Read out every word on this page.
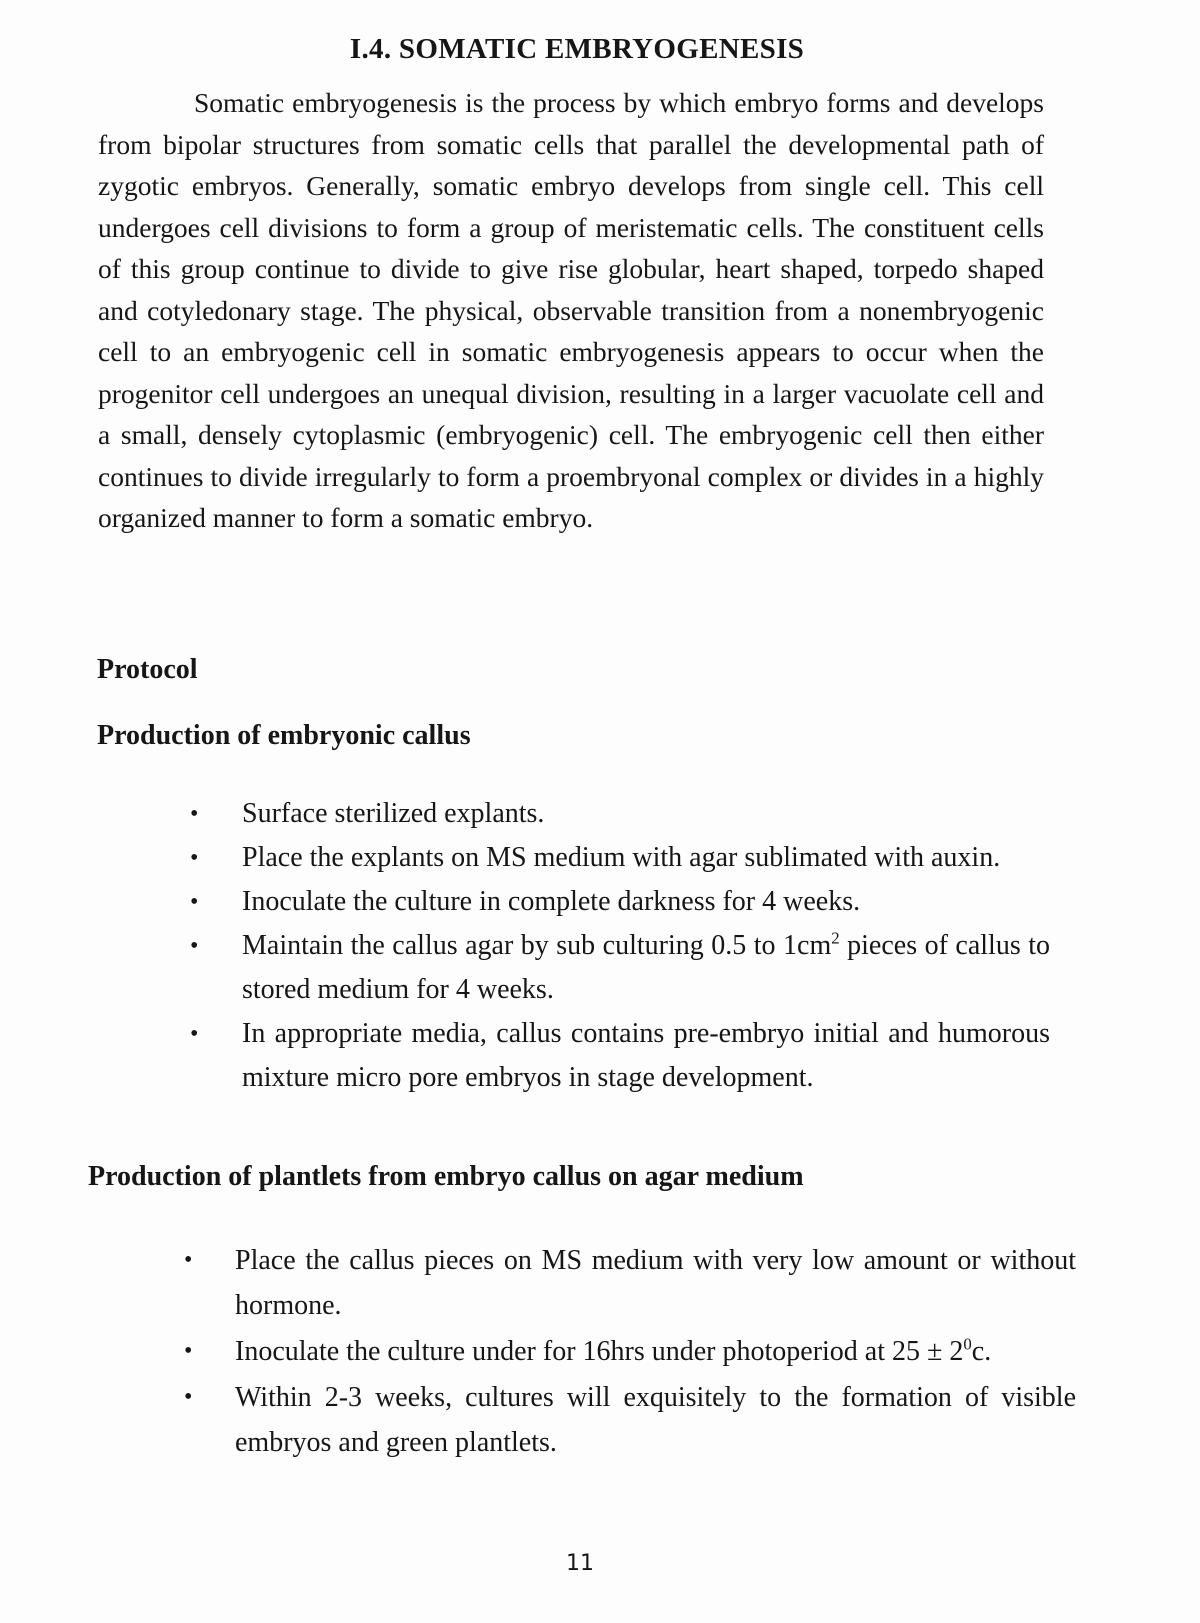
I.4. SOMATIC EMBRYOGENESIS

Somatic embryogenesis is the process by which embryo forms and develops from bipolar structures from somatic cells that parallel the developmental path of zygotic embryos. Generally, somatic embryo develops from single cell. This cell undergoes cell divisions to form a group of meristematic cells. The constituent cells of this group continue to divide to give rise globular, heart shaped, torpedo shaped and cotyledonary stage. The physical, observable transition from a nonembryogenic cell to an embryogenic cell in somatic embryogenesis appears to occur when the progenitor cell undergoes an unequal division, resulting in a larger vacuolate cell and a small, densely cytoplasmic (embryogenic) cell. The embryogenic cell then either continues to divide irregularly to form a proembryonal complex or divides in a highly organized manner to form a somatic embryo.

Protocol
Production of embryonic callus
• Surface sterilized explants.
• Place the explants on MS medium with agar sublimated with auxin.
• Inoculate the culture in complete darkness for 4 weeks.
• Maintain the callus agar by sub culturing 0.5 to $1cm^2$ pieces of callus to stored medium for 4 weeks.
• In appropriate media, callus contains pre-embryo initial and humorous mixture micro pore embryos in stage development.
Production of plantlets from embryo callus on agar medium
• Place the callus pieces on MS medium with very low amount or without hormone.
• Inoculate the culture under for 16hrs under photoperiod at $25 \pm 2^0c$.
• Within 2-3 weeks, cultures will exquisitely to the formation of visible embryos and green plantlets.
11
